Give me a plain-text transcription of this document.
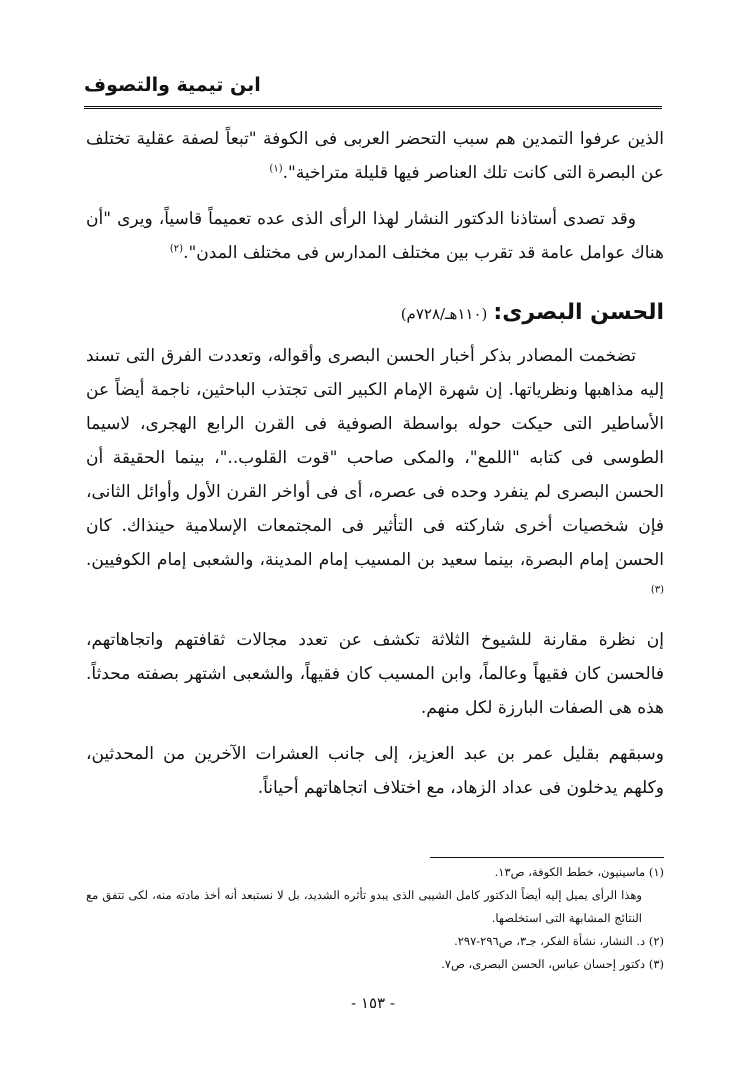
ابن تيمية والتصوف

الذين عرفوا التمدين هم سبب التحضر العربى فى الكوفة "تبعاً لصفة عقلية تختلف عن البصرة التى كانت تلك العناصر فيها قليلة متراخية".$^{(١)}$

وقد تصدى أستاذنا الدكتور النشار لهذا الرأى الذى عده تعميماً قاسياً، ويرى "أن هناك عوامل عامة قد تقرب بين مختلف المدارس فى مختلف المدن".$^{(٢)}$

الحسن البصرى:(١١٠هـ/٧٢٨م)

تضخمت المصادر بذكر أخبار الحسن البصرى وأقواله، وتعددت الفرق التى تسند إليه مذاهبها ونظرياتها. إن شهرة الإمام الكبير التى تجتذب الباحثين، ناجمة أيضاً عن الأساطير التى حيكت حوله بواسطة الصوفية فى القرن الرابع الهجرى، لاسيما الطوسى فى كتابه "اللمع"، والمكى صاحب "قوت القلوب.."، بينما الحقيقة أن الحسن البصرى لم ينفرد وحده فى عصره، أى فى أواخر القرن الأول وأوائل الثانى، فإن شخصيات أخرى شاركته فى التأثير فى المجتمعات الإسلامية حينذاك. كان الحسن إمام البصرة، بينما سعيد بن المسيب إمام المدينة، والشعبى إمام الكوفيين.$^{(٣)}$

إن نظرة مقارنة للشيوخ الثلاثة تكشف عن تعدد مجالات ثقافتهم واتجاهاتهم، فالحسن كان فقيهاً وعالماً، وابن المسيب كان فقيهاً، والشعبى اشتهر بصفته محدثاً. هذه هى الصفات البارزة لكل منهم.

وسبقهم بقليل عمر بن عبد العزيز، إلى جانب العشرات الآخرين من المحدثين، وكلهم يدخلون فى عداد الزهاد، مع اختلاف اتجاهاتهم أحياناً.

(١) ماسينيون، خطط الكوفة، ص١٣.

وهذا الرأى يميل إليه أيضاً الدكتور كامل الشيبى الذى يبدو تأثره الشديد، بل لا نستبعد أنه أخذ مادته منه، لكى تتفق مع النتائج المشابهة التى استخلصها.

(٢) د. النشار، نشأة الفكر، جـ٣، ص٢٩٦-٢٩٧.

(٣) دكتور إحسان عباس، الحسن البصرى، ص٧.

- ١٥٣ -
